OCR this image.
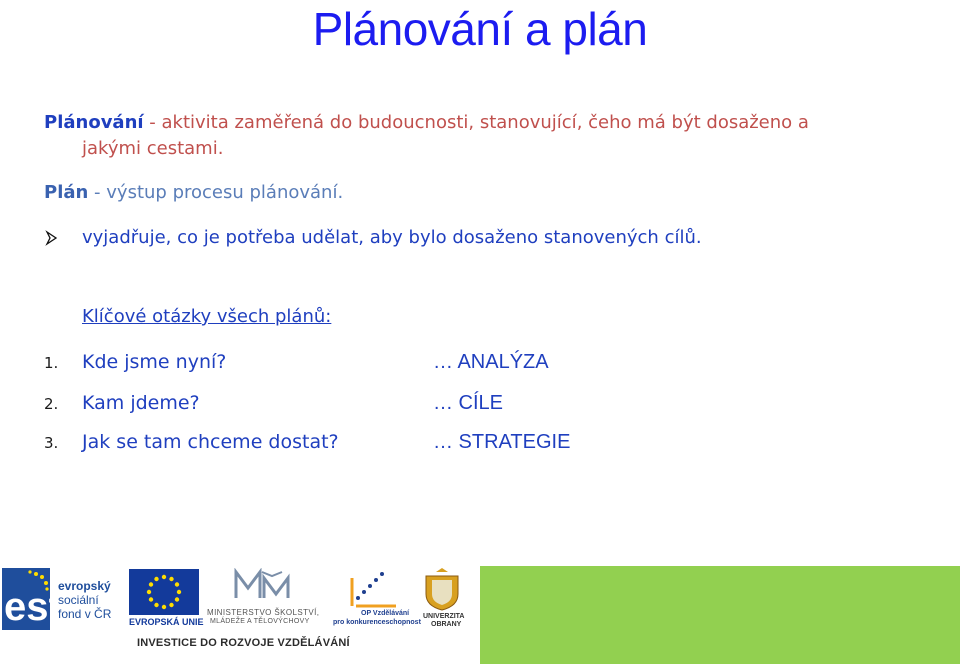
Plánování a plán

Plánování - aktivita zaměřená do budoucnosti, stanovující, čeho má být dosaženo a
jakými cestami.

Plán - výstup procesu plánování.

vyjadřuje, co je potřeba udělat, aby bylo dosaženo stanovených cílů.
Klíčové otázky všech plánů:
1. Kde jsme nyní?	… ANALÝZA
2. Kam jdeme?	… CÍLE
3. Jak se tam chceme dostat?	… STRATEGIE
esf
evropský
sociální
fond v ČR
EVROPSKÁ UNIE
MINISTERSTVO ŠKOLSTVÍ,
MLÁDEŽE A TĚLOVÝCHOVY
OP Vzdělávání
pro konkurenceschopnost
UNIVERZITA
OBRANY
INVESTICE DO ROZVOJE VZDĚLÁVÁNÍ
